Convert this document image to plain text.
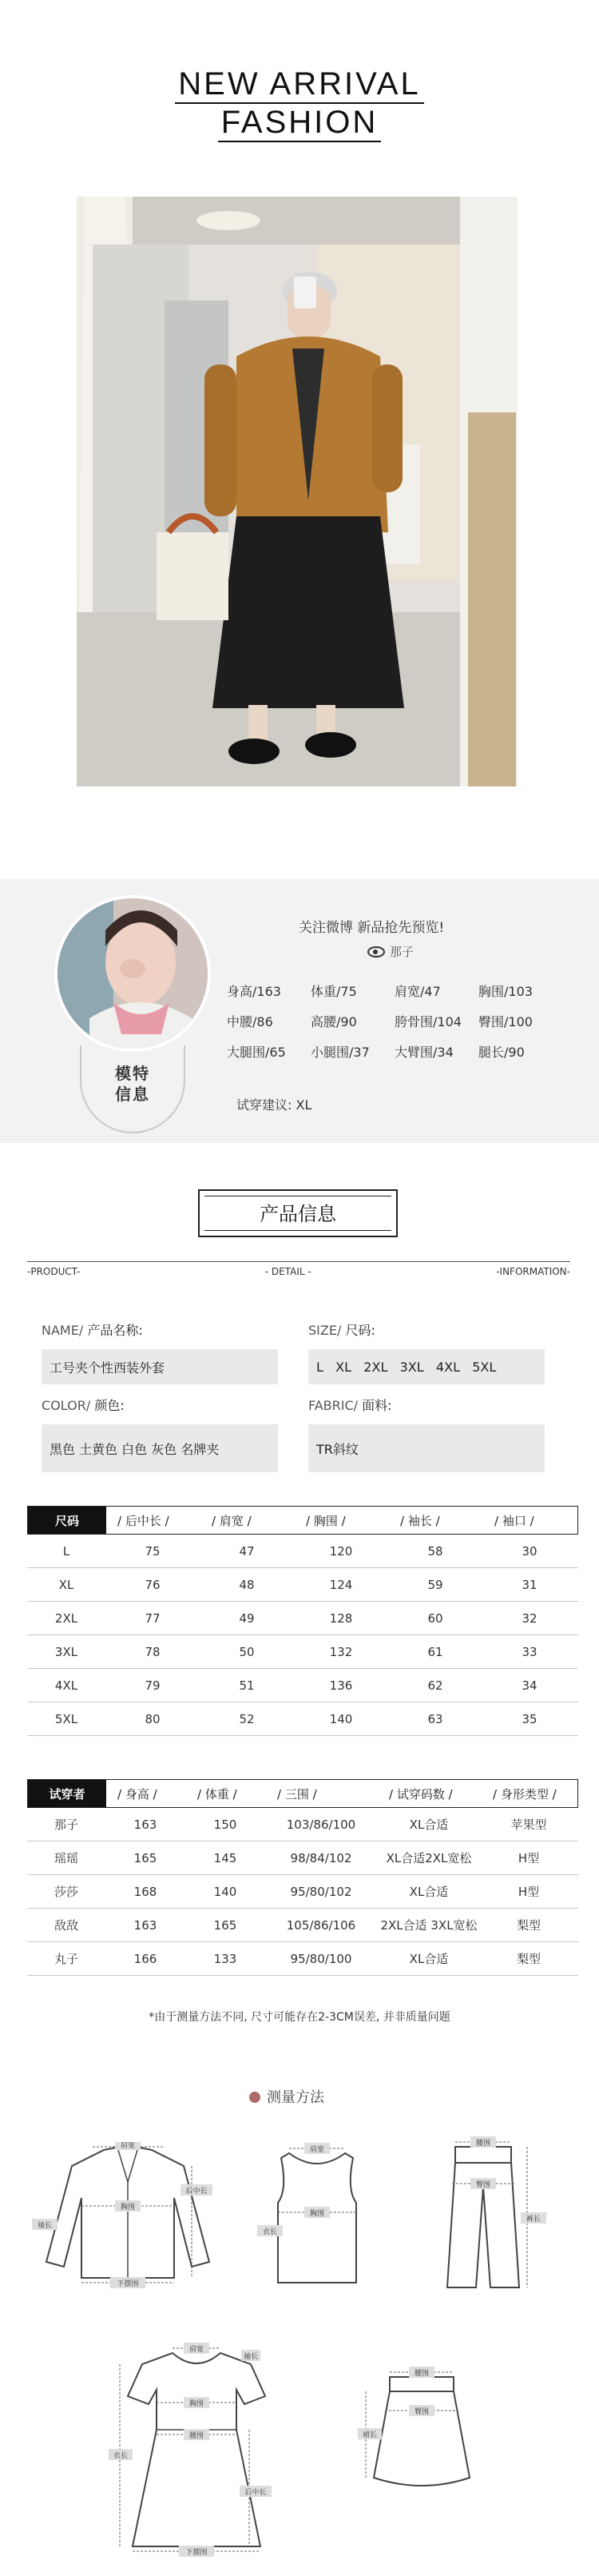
NEW ARRIVAL
FASHION
模特
信息
关注微博 新品抢先预览!
那子
身高/163	体重/75	肩宽/47	胸围/103
中腰/86	高腰/90	胯骨围/104	臀围/100
大腿围/65	小腿围/37	大臂围/34	腿长/90
试穿建议: XL
产品信息
-PRODUCT-	- DETAIL -	-INFORMATION-
NAME/ 产品名称:
工号夹个性西装外套
SIZE/ 尺码:
L   XL   2XL   3XL   4XL   5XL
COLOR/ 颜色:
黑色 土黄色 白色 灰色 名牌夹
FABRIC/ 面料:
TR斜纹
尺码	/ 后中长 /	/ 肩宽 /	/ 胸围 /	/ 袖长 /	/ 袖口 /
L	75	47	120	58	30
XL	76	48	124	59	31
2XL	77	49	128	60	32
3XL	78	50	132	61	33
4XL	79	51	136	62	34
5XL	80	52	140	63	35
试穿者	/ 身高 /	/ 体重 /	/ 三围 /	/ 试穿码数 /	/ 身形类型 /
那子	163	150	103/86/100	XL合适	苹果型
瑶瑶	165	145	98/84/102	XL合适2XL宽松	H型
莎莎	168	140	95/80/102	XL合适	H型
敌敌	163	165	105/86/106	2XL合适 3XL宽松	梨型
丸子	166	133	95/80/100	XL合适	梨型
*由于测量方法不同, 尺寸可能存在2-3CM误差, 并非质量问题
测量方法
肩宽
胸围
后中长
袖长
下摆围
肩宽
胸围
衣长
腰围
臀围
裤长
肩宽
胸围
腰围
衣长
袖长
后中长
下摆围
腰围
臀围
裙长
